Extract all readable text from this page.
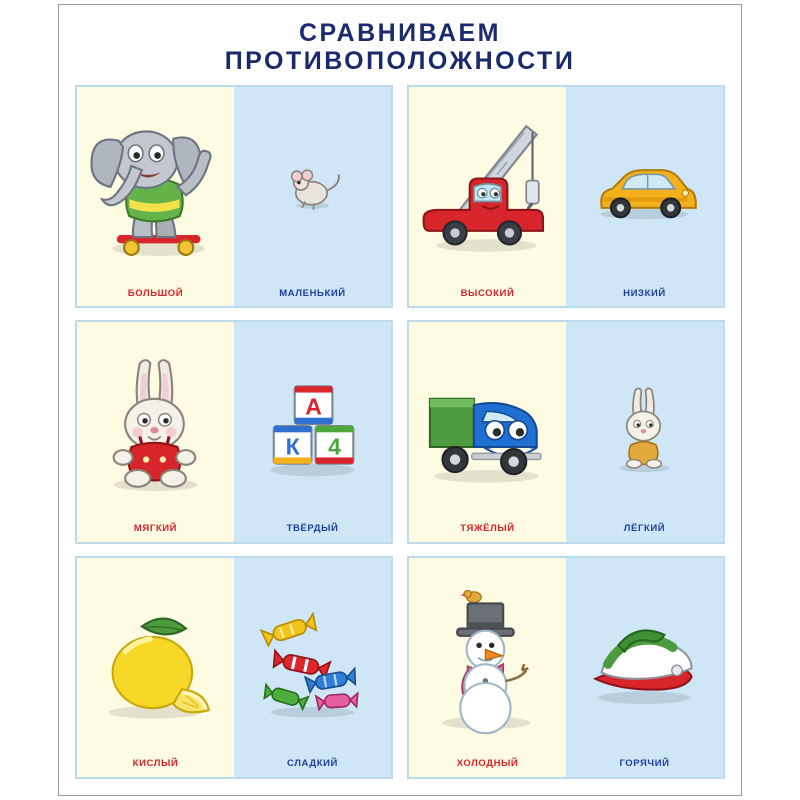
СРАВНИВАЕМ
ПРОТИВОПОЛОЖНОСТИ
БОЛЬШОЙ	МАЛЕНЬКИЙ	ВЫСОКИЙ	НИЗКИЙ
МЯГКИЙ
А
К 4
ТВЁРДЫЙ	ТЯЖЁЛЫЙ	ЛЁГКИЙ
КИСЛЫЙ	СЛАДКИЙ	ХОЛОДНЫЙ	ГОРЯЧИЙ
